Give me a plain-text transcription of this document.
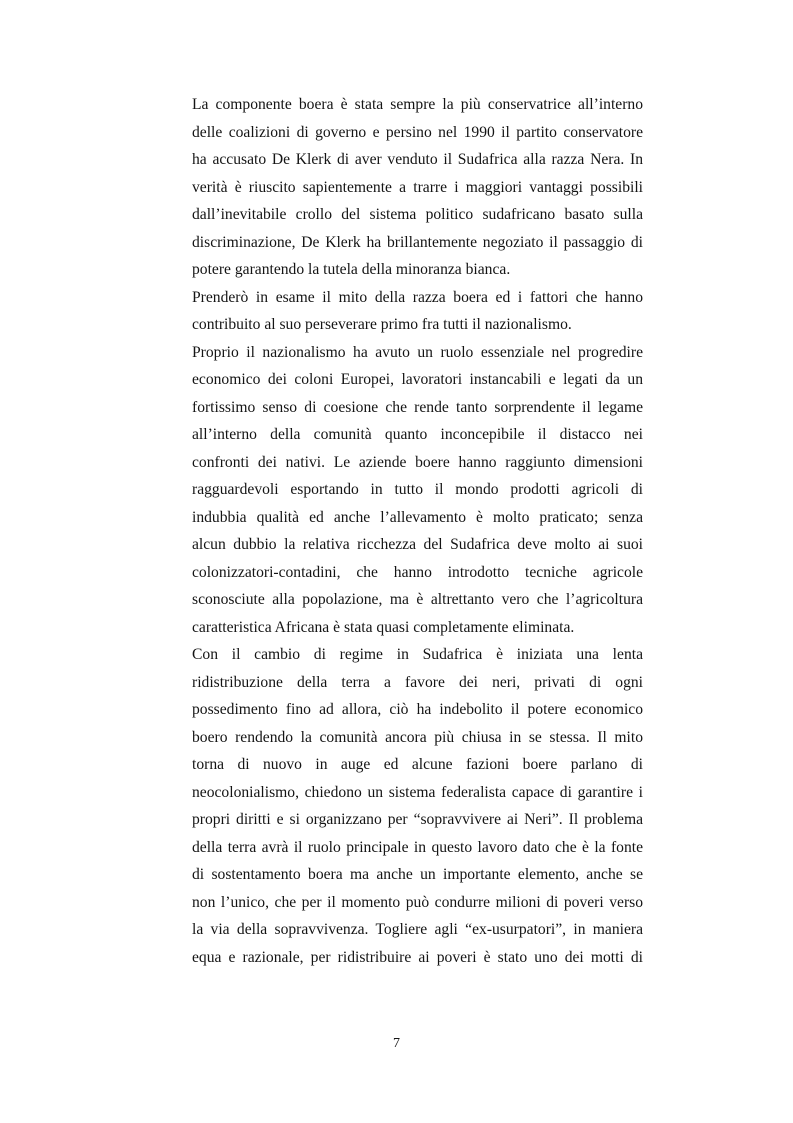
La componente boera è stata sempre la più conservatrice all’interno
delle coalizioni di governo e persino nel 1990 il partito conservatore
ha accusato De Klerk di aver venduto il Sudafrica alla razza Nera. In
verità è riuscito sapientemente a trarre i maggiori vantaggi possibili
dall’inevitabile crollo del sistema politico sudafricano basato sulla
discriminazione, De Klerk ha brillantemente negoziato il passaggio di
potere garantendo la tutela della minoranza bianca.

Prenderò in esame il mito della razza boera ed i fattori che hanno
contribuito al suo perseverare primo fra tutti il nazionalismo.

Proprio il nazionalismo ha avuto un ruolo essenziale nel progredire
economico dei coloni Europei, lavoratori instancabili e legati da un
fortissimo senso di coesione che rende tanto sorprendente il legame
all’interno della comunità quanto inconcepibile il distacco nei
confronti dei nativi. Le aziende boere hanno raggiunto dimensioni
ragguardevoli esportando in tutto il mondo prodotti agricoli di
indubbia qualità ed anche l’allevamento è molto praticato; senza
alcun dubbio la relativa ricchezza del Sudafrica deve molto ai suoi
colonizzatori-contadini, che hanno introdotto tecniche agricole
sconosciute alla popolazione, ma è altrettanto vero che l’agricoltura
caratteristica Africana è stata quasi completamente eliminata.

Con il cambio di regime in Sudafrica è iniziata una lenta
ridistribuzione della terra a favore dei neri, privati di ogni
possedimento fino ad allora, ciò ha indebolito il potere economico
boero rendendo la comunità ancora più chiusa in se stessa. Il mito
torna di nuovo in auge ed alcune fazioni boere parlano di
neocolonialismo, chiedono un sistema federalista capace di garantire i
propri diritti e si organizzano per “sopravvivere ai Neri”. Il problema
della terra avrà il ruolo principale in questo lavoro dato che è la fonte
di sostentamento boera ma anche un importante elemento, anche se
non l’unico, che per il momento può condurre milioni di poveri verso
la via della sopravvivenza. Togliere agli “ex-usurpatori”, in maniera
equa e razionale, per ridistribuire ai poveri è stato uno dei motti di

7
